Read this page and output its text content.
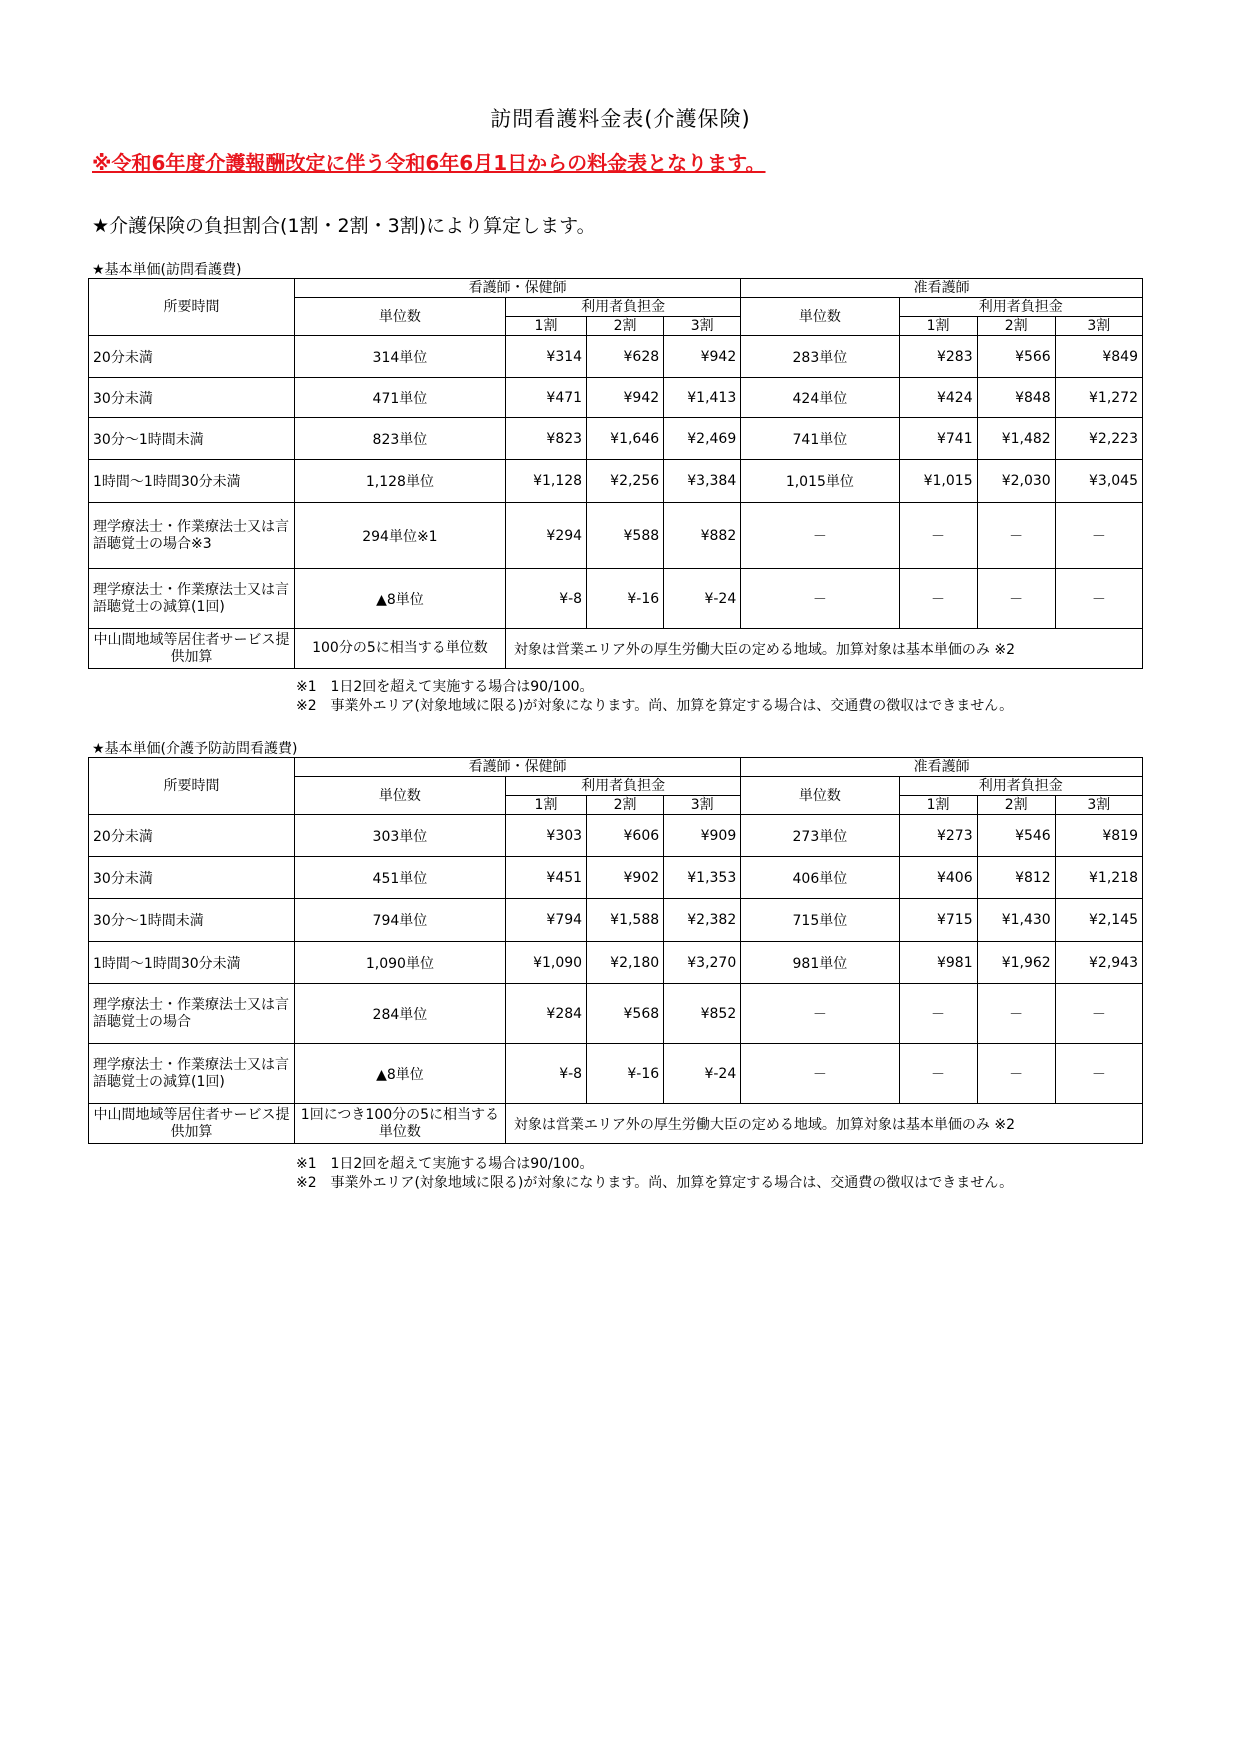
訪問看護料金表(介護保険)
※令和6年度介護報酬改定に伴う令和6年6月1日からの料金表となります。
★介護保険の負担割合(1割・2割・3割)により算定します。
★基本単価(訪問看護費)
所要時間	看護師・保健師				准看護師			
	単位数	利用者負担金			単位数	利用者負担金		
		1割	2割	3割		1割	2割	3割
20分未満	314単位	¥314	¥628	¥942	283単位	¥283	¥566	¥849
30分未満	471単位	¥471	¥942	¥1,413	424単位	¥424	¥848	¥1,272
30分～1時間未満	823単位	¥823	¥1,646	¥2,469	741単位	¥741	¥1,482	¥2,223
1時間～1時間30分未満	1,128単位	¥1,128	¥2,256	¥3,384	1,015単位	¥1,015	¥2,030	¥3,045
理学療法士・作業療法士又は言語聴覚士の場合※3	294単位※1	¥294	¥588	¥882	－	－	－	－
理学療法士・作業療法士又は言語聴覚士の減算(1回)	▲8単位	¥-8	¥-16	¥-24	－	－	－	－
中山間地域等居住者サービス提供加算	100分の5に相当する単位数	対象は営業エリア外の厚生労働大臣の定める地域。加算対象は基本単価のみ ※2						
※1 1日2回を超えて実施する場合は90/100。
※2 事業外エリア(対象地域に限る)が対象になります。尚、加算を算定する場合は、交通費の徴収はできません。
★基本単価(介護予防訪問看護費)
所要時間	看護師・保健師				准看護師			
	単位数	利用者負担金			単位数	利用者負担金		
		1割	2割	3割		1割	2割	3割
20分未満	303単位	¥303	¥606	¥909	273単位	¥273	¥546	¥819
30分未満	451単位	¥451	¥902	¥1,353	406単位	¥406	¥812	¥1,218
30分～1時間未満	794単位	¥794	¥1,588	¥2,382	715単位	¥715	¥1,430	¥2,145
1時間～1時間30分未満	1,090単位	¥1,090	¥2,180	¥3,270	981単位	¥981	¥1,962	¥2,943
理学療法士・作業療法士又は言語聴覚士の場合	284単位	¥284	¥568	¥852	－	－	－	－
理学療法士・作業療法士又は言語聴覚士の減算(1回)	▲8単位	¥-8	¥-16	¥-24	－	－	－	－
中山間地域等居住者サービス提供加算	1回につき100分の5に相当する単位数	対象は営業エリア外の厚生労働大臣の定める地域。加算対象は基本単価のみ ※2						
※1 1日2回を超えて実施する場合は90/100。
※2 事業外エリア(対象地域に限る)が対象になります。尚、加算を算定する場合は、交通費の徴収はできません。
